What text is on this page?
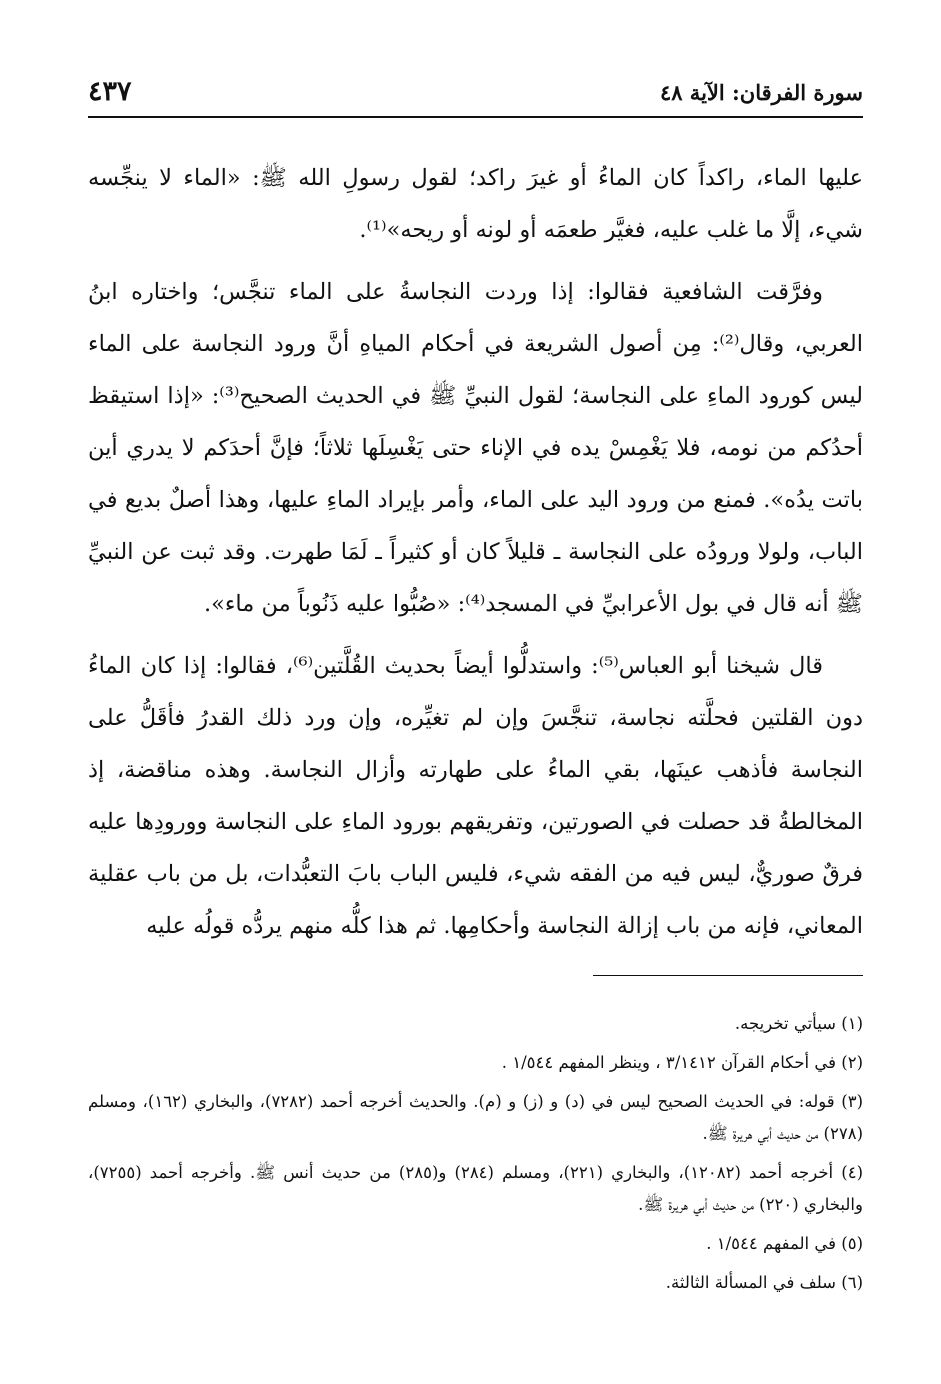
سورة الفرقان: الآية ٤٨
٤٣٧

عليها الماء، راكداً كان الماءُ أو غيرَ راكد؛ لقول رسولِ الله ﷺ: «الماء لا ينجِّسه شيء، إلَّا ما غلب عليه، فغيَّر طعمَه أو لونه أو ريحه»⁽¹⁾.

وفرَّقت الشافعية فقالوا: إذا وردت النجاسةُ على الماء تنجَّس؛ واختاره ابنُ العربي، وقال⁽²⁾: مِن أصول الشريعة في أحكام المياهِ أنَّ ورود النجاسة على الماء ليس كورود الماءِ على النجاسة؛ لقول النبيِّ ﷺ في الحديث الصحيح⁽³⁾: «إذا استيقظ أحدُكم من نومه، فلا يَغْمِسْ يده في الإناء حتى يَغْسِلَها ثلاثاً؛ فإنَّ أحدَكم لا يدري أين باتت يدُه». فمنع من ورود اليد على الماء، وأمر بإيراد الماءِ عليها، وهذا أصلٌ بديع في الباب، ولولا ورودُه على النجاسة ـ قليلاً كان أو كثيراً ـ لَمَا طهرت. وقد ثبت عن النبيِّ ﷺ أنه قال في بول الأعرابيِّ في المسجد⁽⁴⁾: «صُبُّوا عليه ذَنُوباً من ماء».

قال شيخنا أبو العباس⁽⁵⁾: واستدلُّوا أيضاً بحديث القُلَّتين⁽⁶⁾، فقالوا: إذا كان الماءُ دون القلتين فحلَّته نجاسة، تنجَّسَ وإن لم تغيِّره، وإن ورد ذلك القدرُ فأقَلُّ على النجاسة فأذهب عينَها، بقي الماءُ على طهارته وأزال النجاسة. وهذه مناقضة، إذ المخالطةُ قد حصلت في الصورتين، وتفريقهم بورود الماءِ على النجاسة وورودِها عليه فرقٌ صوريٌّ، ليس فيه من الفقه شيء، فليس الباب بابَ التعبُّدات، بل من باب عقلية المعاني، فإنه من باب إزالة النجاسة وأحكامِها. ثم هذا كلُّه منهم يردُّه قولُه عليه

(١) سيأتي تخريجه.
(٢) في أحكام القرآن ٣/١٤١٢ ، وينظر المفهم ١/٥٤٤ .
(٣) قوله: في الحديث الصحيح ليس في (د) و (ز) و (م). والحديث أخرجه أحمد (٧٢٨٢)، والبخاري (١٦٢)، ومسلم (٢٧٨) من حديث أبي هريرة ﷺ.
(٤) أخرجه أحمد (١٢٠٨٢)، والبخاري (٢٢١)، ومسلم (٢٨٤) و(٢٨٥) من حديث أنس ﷺ. وأخرجه أحمد (٧٢٥٥)، والبخاري (٢٢٠) من حديث أبي هريرة ﷺ.
(٥) في المفهم ١/٥٤٤ .
(٦) سلف في المسألة الثالثة.
